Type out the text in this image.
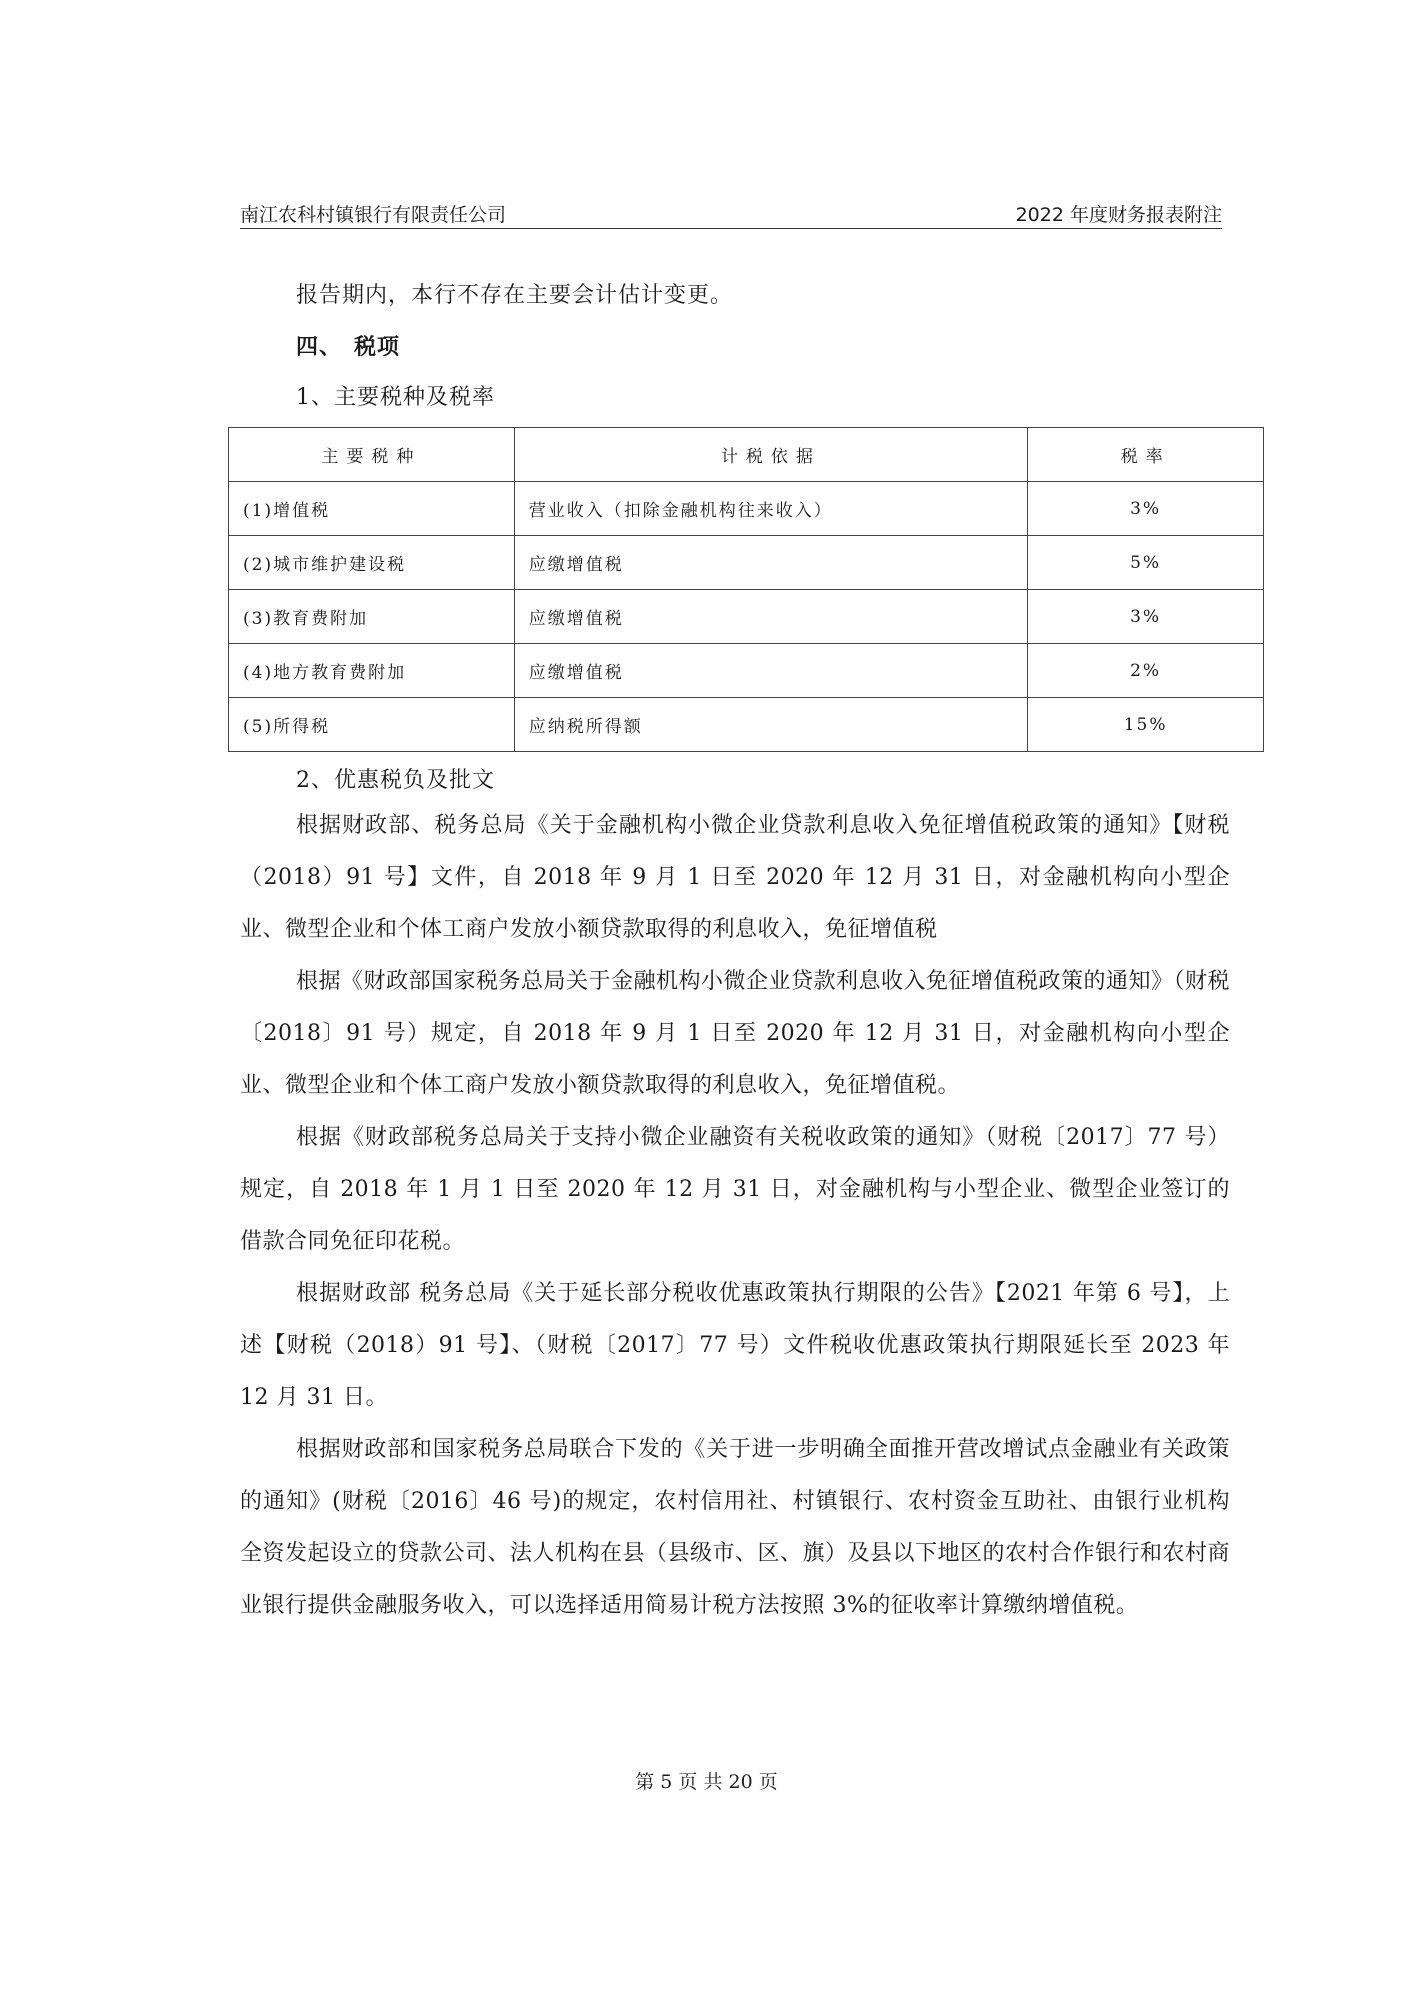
南江农科村镇银行有限责任公司	2022 年度财务报表附注
报告期内，本行不存在主要会计估计变更。
四、　税项
1、主要税种及税率
主要税种	计税依据	税率
(1)增值税	营业收入（扣除金融机构往来收入）	3%
(2)城市维护建设税	应缴增值税	5%
(3)教育费附加	应缴增值税	3%
(4)地方教育费附加	应缴增值税	2%
(5)所得税	应纳税所得额	15%
2、优惠税负及批文

根据财政部、税务总局《关于金融机构小微企业贷款利息收入免征增值税政策的通知》【财税（2018）91 号】文件，自 2018 年 9 月 1 日至 2020 年 12 月 31 日，对金融机构向小型企业、微型企业和个体工商户发放小额贷款取得的利息收入，免征增值税

根据《财政部国家税务总局关于金融机构小微企业贷款利息收入免征增值税政策的通知》（财税〔2018〕91 号）规定，自 2018 年 9 月 1 日至 2020 年 12 月 31 日，对金融机构向小型企业、微型企业和个体工商户发放小额贷款取得的利息收入，免征增值税。

根据《财政部税务总局关于支持小微企业融资有关税收政策的通知》（财税〔2017〕77 号）规定，自 2018 年 1 月 1 日至 2020 年 12 月 31 日，对金融机构与小型企业、微型企业签订的借款合同免征印花税。

根据财政部 税务总局《关于延长部分税收优惠政策执行期限的公告》【2021 年第 6 号】，上述【财税（2018）91 号】、（财税〔2017〕77 号）文件税收优惠政策执行期限延长至 2023 年 12 月 31 日。

根据财政部和国家税务总局联合下发的《关于进一步明确全面推开营改增试点金融业有关政策的通知》(财税〔2016〕46 号)的规定，农村信用社、村镇银行、农村资金互助社、由银行业机构全资发起设立的贷款公司、法人机构在县（县级市、区、旗）及县以下地区的农村合作银行和农村商业银行提供金融服务收入，可以选择适用简易计税方法按照 3%的征收率计算缴纳增值税。

第 5 页 共 20 页
